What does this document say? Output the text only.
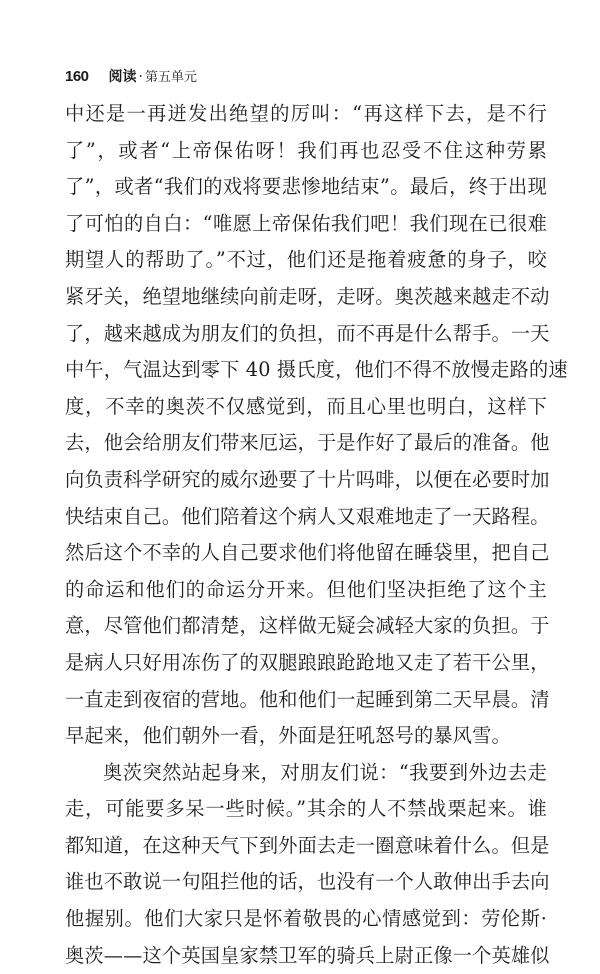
160 阅读 · 第五单元
中还是一再迸发出绝望的厉叫：“再这样下去，是不行
了”，或者“上帝保佑呀！我们再也忍受不住这种劳累
了”，或者“我们的戏将要悲惨地结束”。最后，终于出现
了可怕的自白：“唯愿上帝保佑我们吧！我们现在已很难
期望人的帮助了。”不过，他们还是拖着疲惫的身子，咬
紧牙关，绝望地继续向前走呀，走呀。奥茨越来越走不动
了，越来越成为朋友们的负担，而不再是什么帮手。一天
中午，气温达到零下 40 摄氏度，他们不得不放慢走路的速
度，不幸的奥茨不仅感觉到，而且心里也明白，这样下
去，他会给朋友们带来厄运，于是作好了最后的准备。他
向负责科学研究的威尔逊要了十片吗啡，以便在必要时加
快结束自己。他们陪着这个病人又艰难地走了一天路程。
然后这个不幸的人自己要求他们将他留在睡袋里，把自己
的命运和他们的命运分开来。但他们坚决拒绝了这个主
意，尽管他们都清楚，这样做无疑会减轻大家的负担。于
是病人只好用冻伤了的双腿踉踉跄跄地又走了若干公里，
一直走到夜宿的营地。他和他们一起睡到第二天早晨。清
早起来，他们朝外一看，外面是狂吼怒号的暴风雪。
奥茨突然站起身来，对朋友们说：“我要到外边去走
走，可能要多呆一些时候。”其余的人不禁战栗起来。谁
都知道，在这种天气下到外面去走一圈意味着什么。但是
谁也不敢说一句阻拦他的话，也没有一个人敢伸出手去向
他握别。他们大家只是怀着敬畏的心情感觉到：劳伦斯·
奥茨——这个英国皇家禁卫军的骑兵上尉正像一个英雄似
